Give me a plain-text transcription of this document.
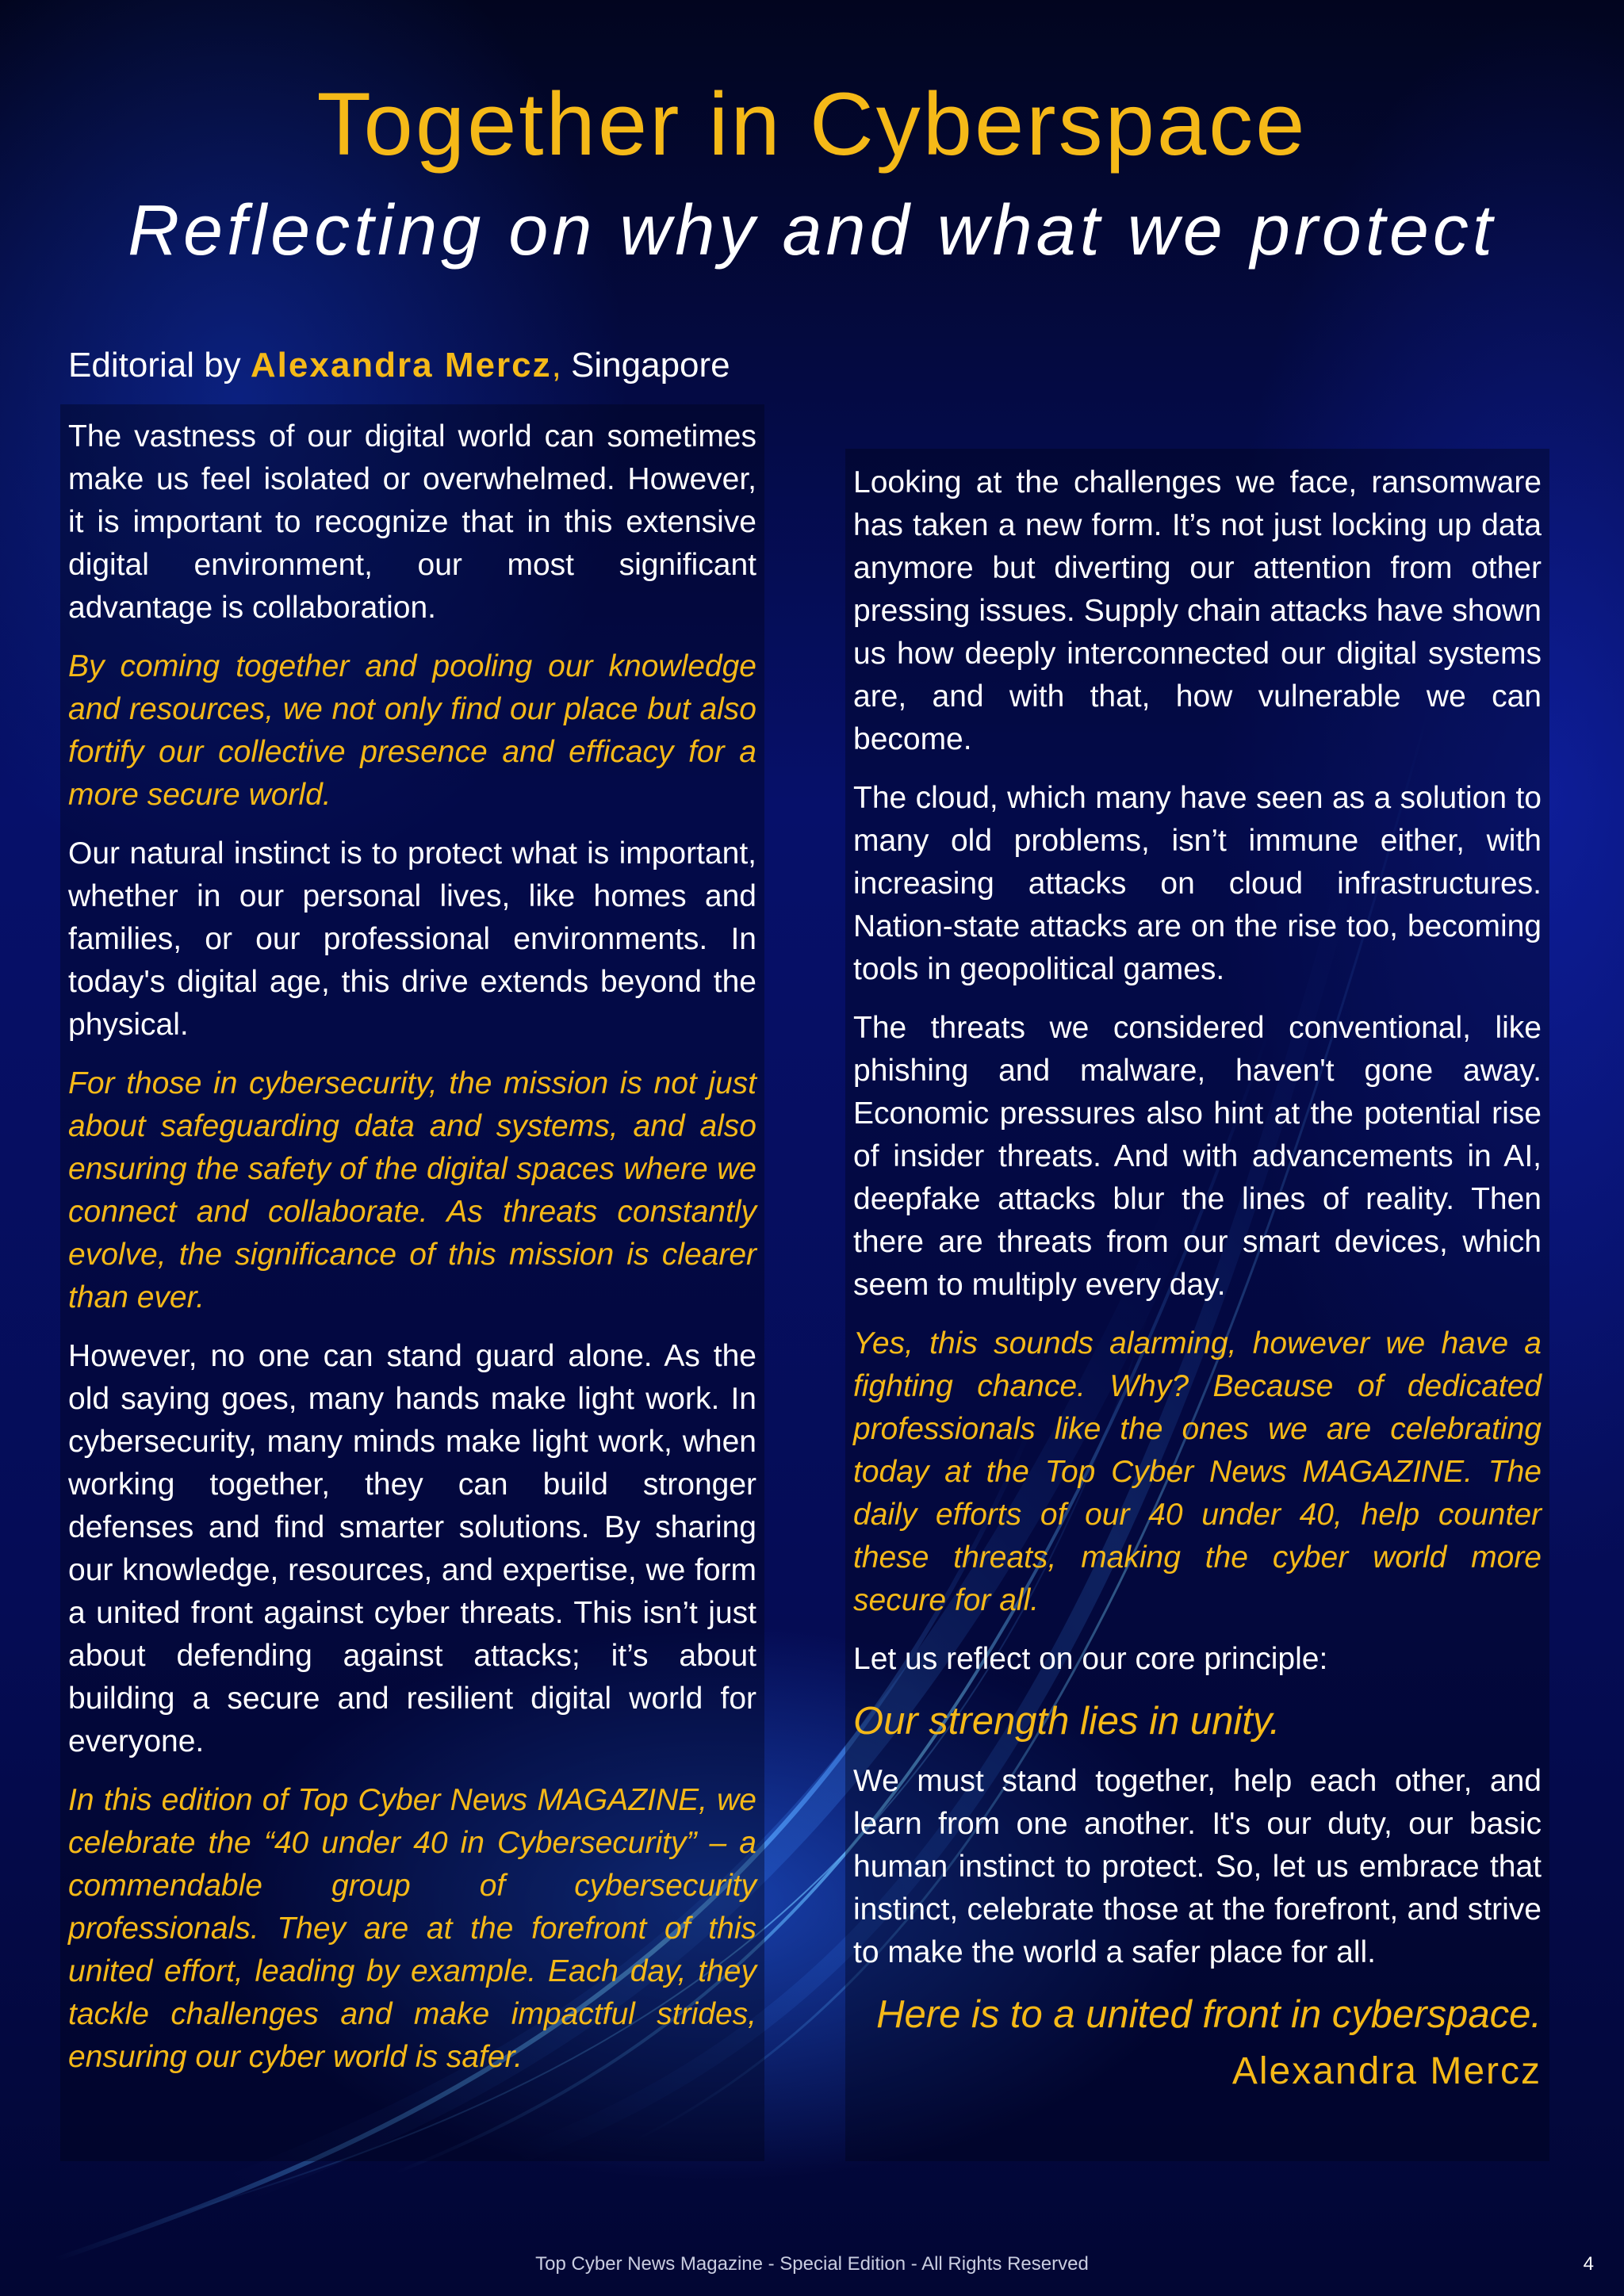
Together in Cyberspace
Reflecting on why and what we protect
Editorial by Alexandra Mercz, Singapore

The vastness of our digital world can sometimes make us feel isolated or overwhelmed. However, it is important to recognize that in this extensive digital environment, our most significant advantage is collaboration.

By coming together and pooling our knowledge and resources, we not only find our place but also fortify our collective presence and efficacy for a more secure world.

Our natural instinct is to protect what is important, whether in our personal lives, like homes and families, or our professional environments. In today's digital age, this drive extends beyond the physical.

For those in cybersecurity, the mission is not just about safeguarding data and systems, and also ensuring the safety of the digital spaces where we connect and collaborate. As threats constantly evolve, the significance of this mission is clearer than ever.

However, no one can stand guard alone. As the old saying goes, many hands make light work. In cybersecurity, many minds make light work, when working together, they can build stronger defenses and find smarter solutions. By sharing our knowledge, resources, and expertise, we form a united front against cyber threats. This isn’t just about defending against attacks; it’s about building a secure and resilient digital world for everyone.

In this edition of Top Cyber News MAGAZINE, we celebrate the “40 under 40 in Cybersecurity” – a commendable group of cybersecurity professionals. They are at the forefront of this united effort, leading by example. Each day, they tackle challenges and make impactful strides, ensuring our cyber world is safer.

Looking at the challenges we face, ransomware has taken a new form. It’s not just locking up data anymore but diverting our attention from other pressing issues. Supply chain attacks have shown us how deeply interconnected our digital systems are, and with that, how vulnerable we can become.

The cloud, which many have seen as a solution to many old problems, isn’t immune either, with increasing attacks on cloud infrastructures. Nation-state attacks are on the rise too, becoming tools in geopolitical games.

The threats we considered conventional, like phishing and malware, haven't gone away. Economic pressures also hint at the potential rise of insider threats. And with advancements in AI, deepfake attacks blur the lines of reality. Then there are threats from our smart devices, which seem to multiply every day.

Yes, this sounds alarming, however we have a fighting chance. Why? Because of dedicated professionals like the ones we are celebrating today at the Top Cyber News MAGAZINE. The daily efforts of our 40 under 40, help counter these threats, making the cyber world more secure for all.

Let us reflect on our core principle:

Our strength lies in unity.

We must stand together, help each other, and learn from one another. It's our duty, our basic human instinct to protect. So, let us embrace that instinct, celebrate those at the forefront, and strive to make the world a safer place for all.

Here is to a united front in cyberspace.

Alexandra Mercz

Top Cyber News Magazine - Special Edition - All Rights Reserved	4
